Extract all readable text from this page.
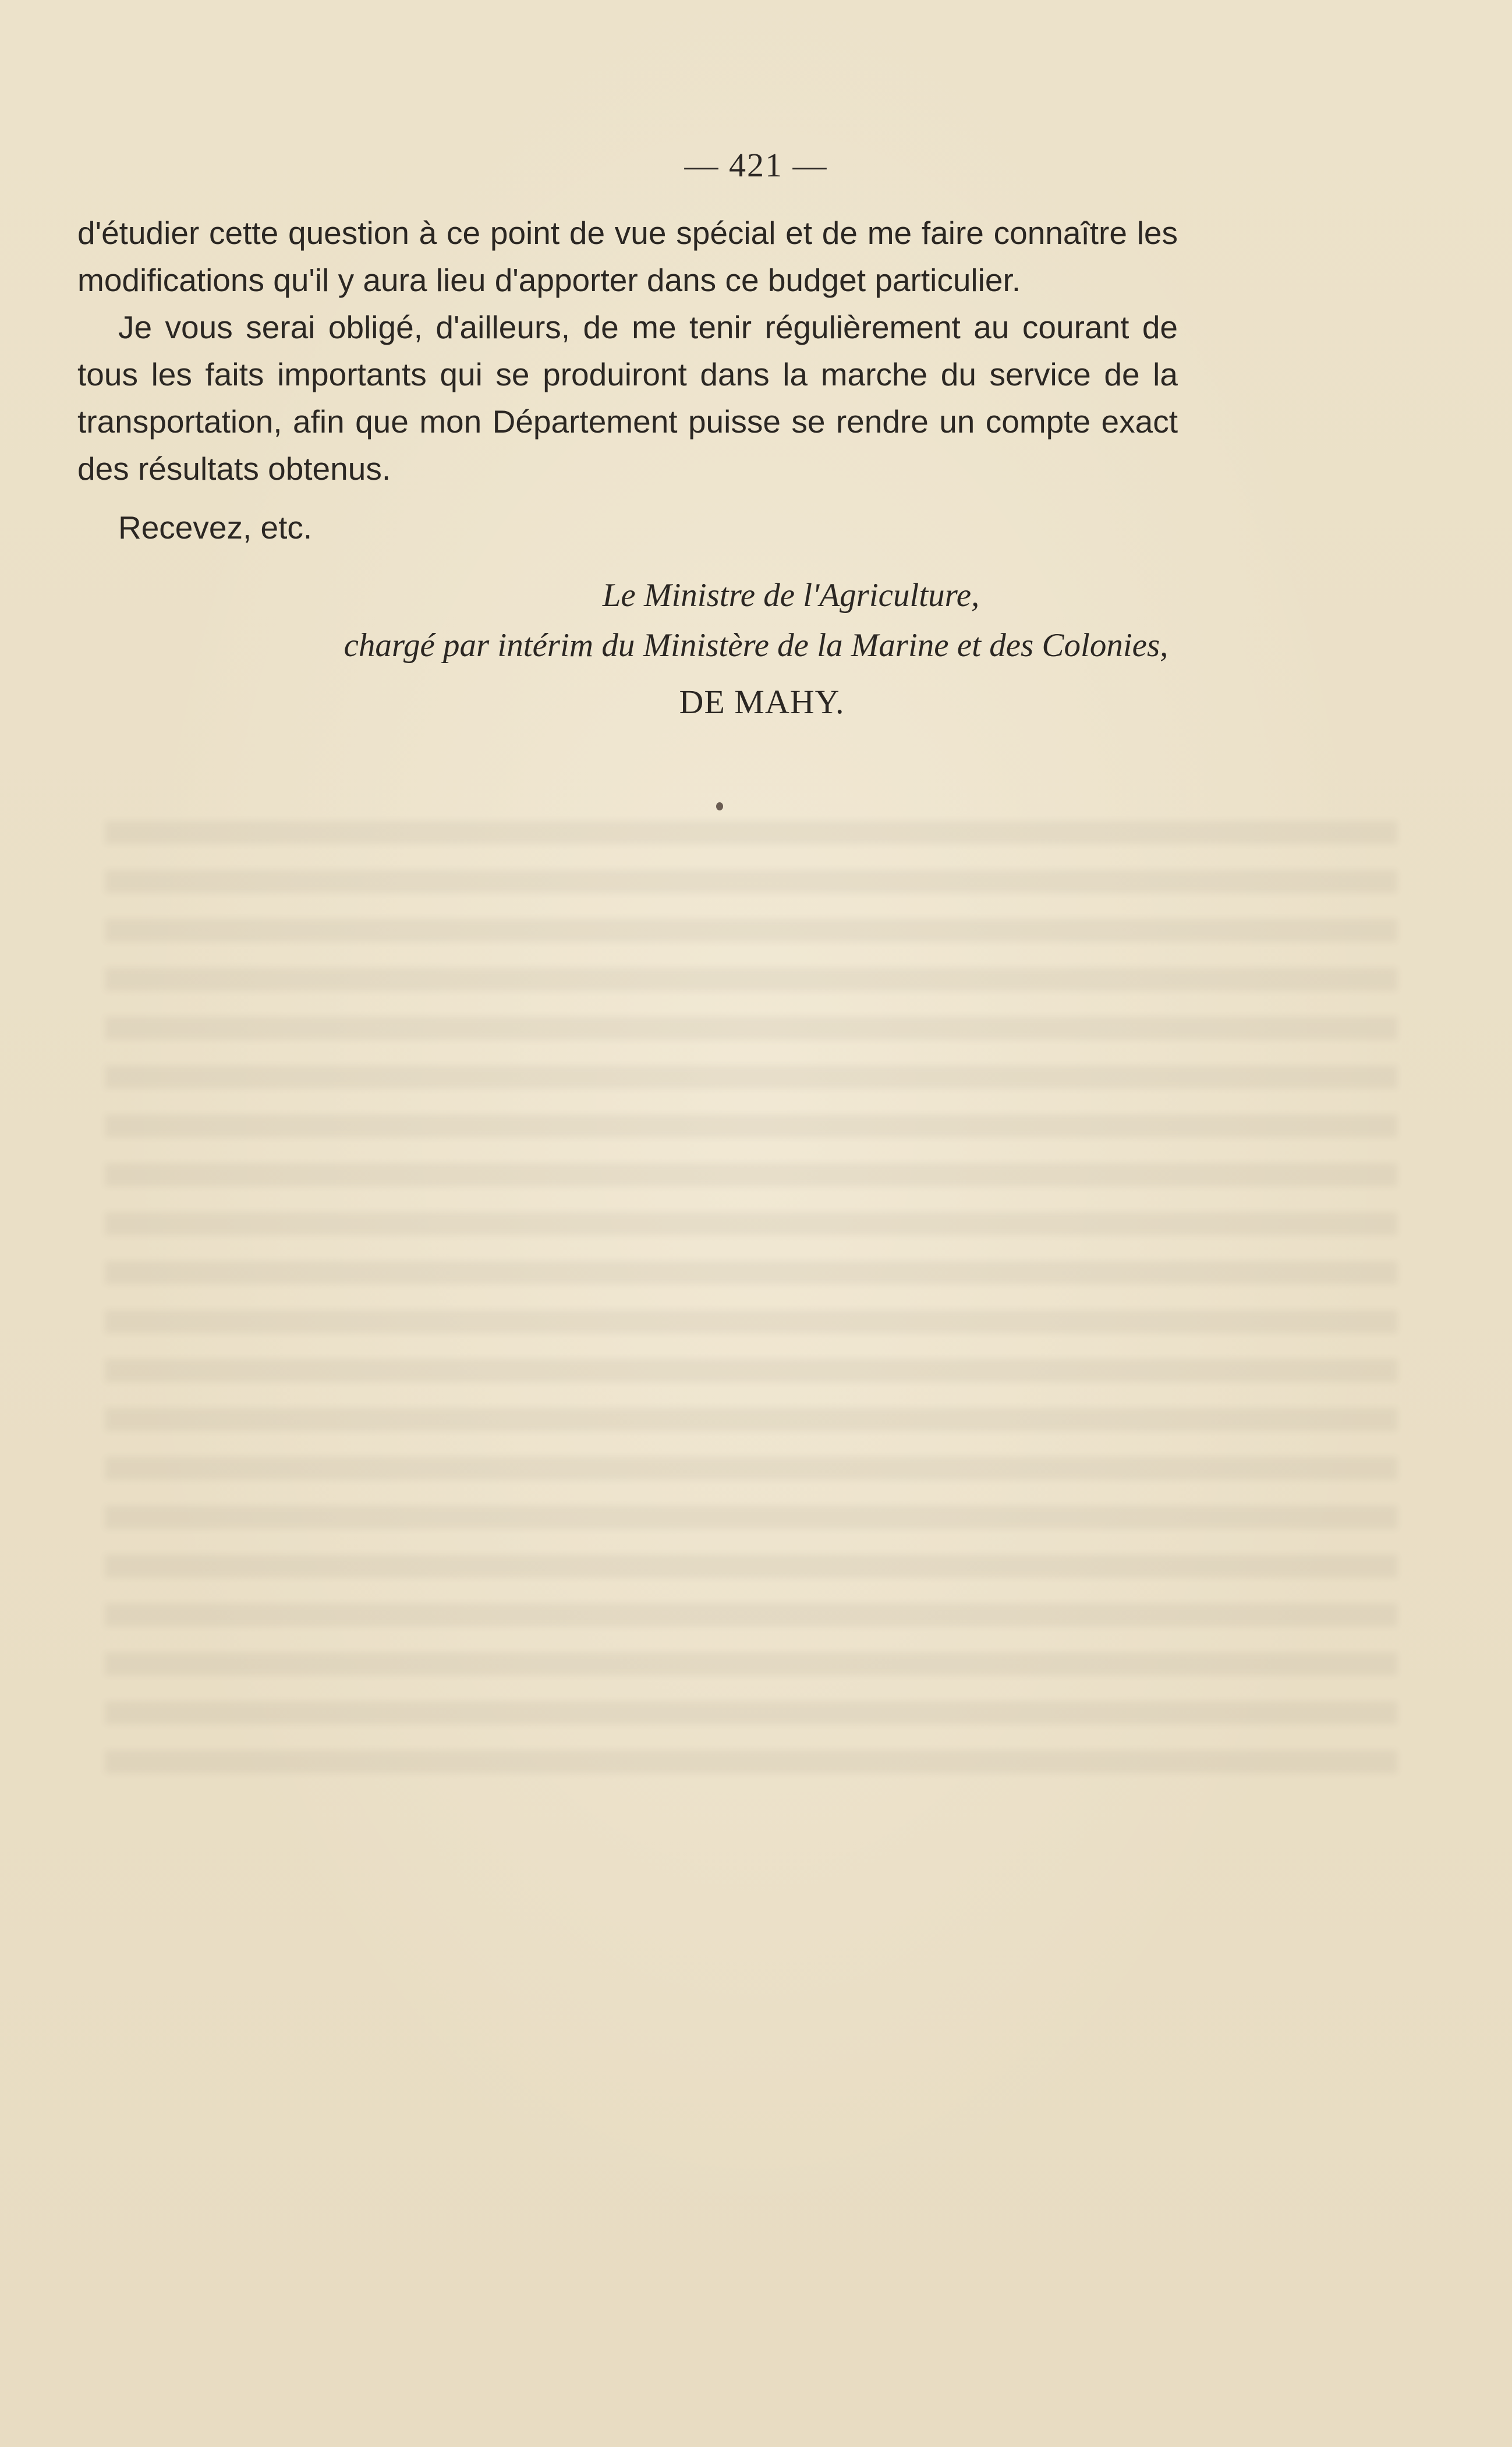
— 421 —

d'étudier cette question à ce point de vue spécial et de me faire connaître les modifications qu'il y aura lieu d'apporter dans ce budget particulier.

Je vous serai obligé, d'ailleurs, de me tenir régulièrement au courant de tous les faits importants qui se produiront dans la marche du service de la transportation, afin que mon Département puisse se rendre un compte exact des résultats obtenus.

Recevez, etc.

Le Ministre de l'Agriculture,
chargé par intérim du Ministère de la Marine et des Colonies,
DE MAHY.
